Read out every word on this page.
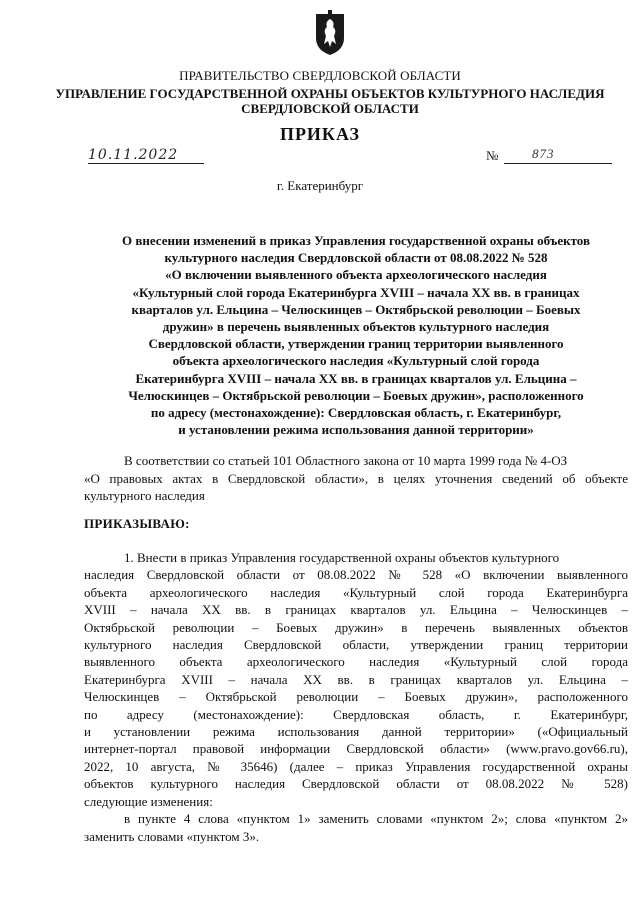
ПРАВИТЕЛЬСТВО СВЕРДЛОВСКОЙ ОБЛАСТИ
УПРАВЛЕНИЕ ГОСУДАРСТВЕННОЙ ОХРАНЫ ОБЪЕКТОВ КУЛЬТУРНОГО НАСЛЕДИЯ
СВЕРДЛОВСКОЙ ОБЛАСТИ
ПРИКАЗ
10.11.2022	№	873
г. Екатеринбург
О внесении изменений в приказ Управления государственной охраны объектов
культурного наследия Свердловской области от 08.08.2022 № 528
«О включении выявленного объекта археологического наследия
«Культурный слой города Екатеринбурга XVIII – начала XX вв. в границах
кварталов ул. Ельцина – Челюскинцев – Октябрьской революции – Боевых
дружин» в перечень выявленных объектов культурного наследия
Свердловской области, утверждении границ территории выявленного
объекта археологического наследия «Культурный слой города
Екатеринбурга XVIII – начала XX вв. в границах кварталов ул. Ельцина –
Челюскинцев – Октябрьской революции – Боевых дружин», расположенного
по адресу (местонахождение): Свердловская область, г. Екатеринбург,
и установлении режима использования данной территории»
В соответствии со статьей 101 Областного закона от 10 марта 1999 года № 4-ОЗ
«О правовых актах в Свердловской области», в целях уточнения сведений об объекте
культурного наследия
ПРИКАЗЫВАЮ:
1. Внести в приказ Управления государственной охраны объектов культурного
наследия Свердловской области от 08.08.2022 № 528 «О включении выявленного
объекта археологического наследия «Культурный слой города Екатеринбурга
XVIII – начала XX вв. в границах кварталов ул. Ельцина – Челюскинцев –
Октябрьской революции – Боевых дружин» в перечень выявленных объектов
культурного наследия Свердловской области, утверждении границ территории
выявленного объекта археологического наследия «Культурный слой города
Екатеринбурга XVIII – начала XX вв. в границах кварталов ул. Ельцина –
Челюскинцев – Октябрьской революции – Боевых дружин», расположенного
по адресу (местонахождение): Свердловская область, г. Екатеринбург,
и установлении режима использования данной территории» («Официальный
интернет-портал правовой информации Свердловской области» (www.pravo.gov66.ru),
2022, 10 августа, № 35646) (далее – приказ Управления государственной охраны
объектов культурного наследия Свердловской области от 08.08.2022 № 528)
следующие изменения:
в пункте 4 слова «пунктом 1» заменить словами «пунктом 2»; слова «пунктом 2»
заменить словами «пунктом 3».
